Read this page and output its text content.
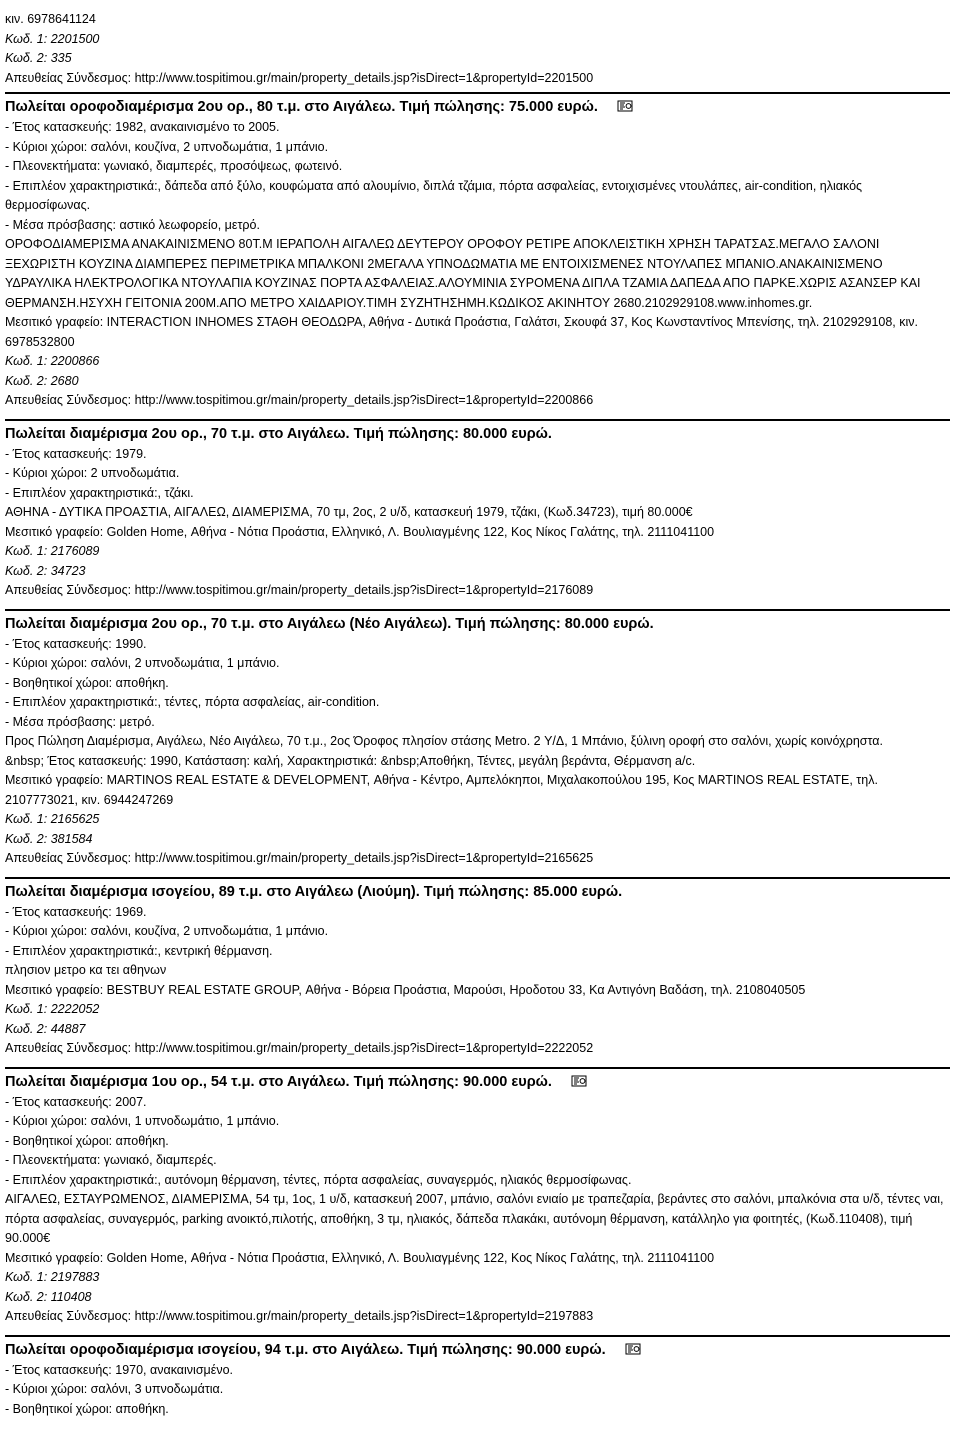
κιν. 6978641124
Κωδ. 1: 2201500
Κωδ. 2: 335
Απευθείας Σύνδεσμος: http://www.tospitimou.gr/main/property_details.jsp?isDirect=1&propertyId=2201500
Πωλείται οροφοδιαμέρισμα 2ου ορ., 80 τ.μ. στο Αιγάλεω. Τιμή πώλησης: 75.000 ευρώ.
- Έτος κατασκευής: 1982, ανακαινισμένο το 2005.
- Κύριοι χώροι: σαλόνι, κουζίνα, 2 υπνοδωμάτια, 1 μπάνιο.
- Πλεονεκτήματα: γωνιακό, διαμπερές, προσόψεως, φωτεινό.
- Επιπλέον χαρακτηριστικά:, δάπεδα από ξύλο, κουφώματα από αλουμίνιο, διπλά τζάμια, πόρτα ασφαλείας, εντοιχισμένες ντουλάπες, air-condition, ηλιακός θερμοσίφωνας.
- Μέσα πρόσβασης: αστικό λεωφορείο, μετρό.
ΟΡΟΦΟΔΙΑΜΕΡΙΣΜΑ ΑΝΑΚΑΙΝΙΣΜΕΝΟ 80Τ.Μ ΙΕΡΑΠΟΛΗ ΑΙΓΑΛΕΩ ΔΕΥΤΕΡΟΥ ΟΡΟΦΟΥ ΡΕΤΙΡΕ ΑΠΟΚΛΕΙΣΤΙΚΗ ΧΡΗΣΗ ΤΑΡΑΤΣΑΣ.ΜΕΓΑΛΟ ΣΑΛΟΝΙ ΞΕΧΩΡΙΣΤΗ ΚΟΥΖΙΝΑ ΔΙΑΜΠΕΡΕΣ ΠΕΡΙΜΕΤΡΙΚΑ ΜΠΑΛΚΟΝΙ 2ΜΕΓΑΛΑ ΥΠΝΟΔΩΜΑΤΙΑ ΜΕ ΕΝΤΟΙΧΙΣΜΕΝΕΣ ΝΤΟΥΛΑΠΕΣ ΜΠΑΝΙΟ.ΑΝΑΚΑΙΝΙΣΜΕΝΟ ΥΔΡΑΥΛΙΚΑ ΗΛΕΚΤΡΟΛΟΓΙΚΑ ΝΤΟΥΛΑΠΙΑ ΚΟΥΖΙΝΑΣ ΠΟΡΤΑ ΑΣΦΑΛΕΙΑΣ.ΑΛΟΥΜΙΝΙΑ ΣΥΡΟΜΕΝΑ ΔΙΠΛΑ ΤΖΑΜΙΑ ΔΑΠΕΔΑ ΑΠΟ ΠΑΡΚΕ.ΧΩΡΙΣ ΑΣΑΝΣΕΡ ΚΑΙ ΘΕΡΜΑΝΣΗ.ΗΣΥΧΗ ΓΕΙΤΟΝΙΑ 200Μ.ΑΠΟ ΜΕΤΡΟ ΧΑΙΔΑΡΙΟΥ.ΤΙΜΗ ΣΥΖΗΤΗΣΗΜΗ.ΚΩΔΙΚΟΣ ΑΚΙΝΗΤΟΥ 2680.2102929108.www.inhomes.gr.
Μεσιτικό γραφείο: INTERACTION INHOMES ΣΤΑΘΗ ΘΕΟΔΩΡΑ, Αθήνα - Δυτικά Προάστια, Γαλάτσι, Σκουφά 37, Κος Κωνσταντίνος Μπενίσης, τηλ. 2102929108, κιν. 6978532800
Κωδ. 1: 2200866
Κωδ. 2: 2680
Απευθείας Σύνδεσμος: http://www.tospitimou.gr/main/property_details.jsp?isDirect=1&propertyId=2200866
Πωλείται διαμέρισμα 2ου ορ., 70 τ.μ. στο Αιγάλεω. Τιμή πώλησης: 80.000 ευρώ.
- Έτος κατασκευής: 1979.
- Κύριοι χώροι: 2 υπνοδωμάτια.
- Επιπλέον χαρακτηριστικά:, τζάκι.
ΑΘΗΝΑ - ΔΥΤΙΚΑ ΠΡΟΑΣΤΙΑ, ΑΙΓΑΛΕΩ, ΔΙΑΜΕΡΙΣΜΑ, 70 τμ, 2ος, 2 υ/δ, κατασκευή 1979, τζάκι, (Κωδ.34723), τιμή 80.000€
Μεσιτικό γραφείο: Golden Home, Αθήνα - Νότια Προάστια, Ελληνικό, Λ. Βουλιαγμένης 122, Κος Νίκος Γαλάτης, τηλ. 2111041100
Κωδ. 1: 2176089
Κωδ. 2: 34723
Απευθείας Σύνδεσμος: http://www.tospitimou.gr/main/property_details.jsp?isDirect=1&propertyId=2176089
Πωλείται διαμέρισμα 2ου ορ., 70 τ.μ. στο Αιγάλεω (Νέο Αιγάλεω). Τιμή πώλησης: 80.000 ευρώ.
- Έτος κατασκευής: 1990.
- Κύριοι χώροι: σαλόνι, 2 υπνοδωμάτια, 1 μπάνιο.
- Βοηθητικοί χώροι: αποθήκη.
- Επιπλέον χαρακτηριστικά:, τέντες, πόρτα ασφαλείας, air-condition.
- Μέσα πρόσβασης: μετρό.
Προς Πώληση Διαμέρισμα, Αιγάλεω, Νέο Αιγάλεω, 70 τ.μ., 2ος Όροφος πλησίον στάσης Metro. 2 Υ/Δ, 1 Μπάνιο, ξύλινη οροφή στο σαλόνι, χωρίς κοινόχρηστα.
&nbsp; Έτος κατασκευής: 1990, Κατάσταση: καλή, Χαρακτηριστικά: &nbsp;Αποθήκη, Τέντες, μεγάλη βεράντα, Θέρμανση a/c.
Μεσιτικό γραφείο: MARTINOS REAL ESTATE & DEVELOPMENT, Αθήνα - Κέντρο, Αμπελόκηποι, Μιχαλακοπούλου 195, Κος MARTINOS REAL ESTATE, τηλ. 2107773021, κιν. 6944247269
Κωδ. 1: 2165625
Κωδ. 2: 381584
Απευθείας Σύνδεσμος: http://www.tospitimou.gr/main/property_details.jsp?isDirect=1&propertyId=2165625
Πωλείται διαμέρισμα ισογείου, 89 τ.μ. στο Αιγάλεω (Λιούμη). Τιμή πώλησης: 85.000 ευρώ.
- Έτος κατασκευής: 1969.
- Κύριοι χώροι: σαλόνι, κουζίνα, 2 υπνοδωμάτια, 1 μπάνιο.
- Επιπλέον χαρακτηριστικά:, κεντρική θέρμανση.
πλησιον μετρο κα τει αθηνων
Μεσιτικό γραφείο: BESTBUY REAL ESTATE GROUP, Αθήνα - Βόρεια Προάστια, Μαρούσι, Ηροδοτου 33, Κα Αντιγόνη Βαδάση, τηλ. 2108040505
Κωδ. 1: 2222052
Κωδ. 2: 44887
Απευθείας Σύνδεσμος: http://www.tospitimou.gr/main/property_details.jsp?isDirect=1&propertyId=2222052
Πωλείται διαμέρισμα 1ου ορ., 54 τ.μ. στο Αιγάλεω. Τιμή πώλησης: 90.000 ευρώ.
- Έτος κατασκευής: 2007.
- Κύριοι χώροι: σαλόνι, 1 υπνοδωμάτιο, 1 μπάνιο.
- Βοηθητικοί χώροι: αποθήκη.
- Πλεονεκτήματα: γωνιακό, διαμπερές.
- Επιπλέον χαρακτηριστικά:, αυτόνομη θέρμανση, τέντες, πόρτα ασφαλείας, συναγερμός, ηλιακός θερμοσίφωνας.
ΑΙΓΑΛΕΩ, ΕΣΤΑΥΡΩΜΕΝΟΣ, ΔΙΑΜΕΡΙΣΜΑ, 54 τμ, 1ος, 1 υ/δ, κατασκευή 2007, μπάνιο, σαλόνι ενιαίο με τραπεζαρία, βεράντες στο σαλόνι, μπαλκόνια στα υ/δ, τέντες ναι, πόρτα ασφαλείας, συναγερμός, parking ανοικτό,πιλοτής, αποθήκη, 3 τμ, ηλιακός, δάπεδα πλακάκι, αυτόνομη θέρμανση, κατάλληλο για φοιτητές, (Κωδ.110408), τιμή 90.000€
Μεσιτικό γραφείο: Golden Home, Αθήνα - Νότια Προάστια, Ελληνικό, Λ. Βουλιαγμένης 122, Κος Νίκος Γαλάτης, τηλ. 2111041100
Κωδ. 1: 2197883
Κωδ. 2: 110408
Απευθείας Σύνδεσμος: http://www.tospitimou.gr/main/property_details.jsp?isDirect=1&propertyId=2197883
Πωλείται οροφοδιαμέρισμα ισογείου, 94 τ.μ. στο Αιγάλεω. Τιμή πώλησης: 90.000 ευρώ.
- Έτος κατασκευής: 1970, ανακαινισμένο.
- Κύριοι χώροι: σαλόνι, 3 υπνοδωμάτια.
- Βοηθητικοί χώροι: αποθήκη.
